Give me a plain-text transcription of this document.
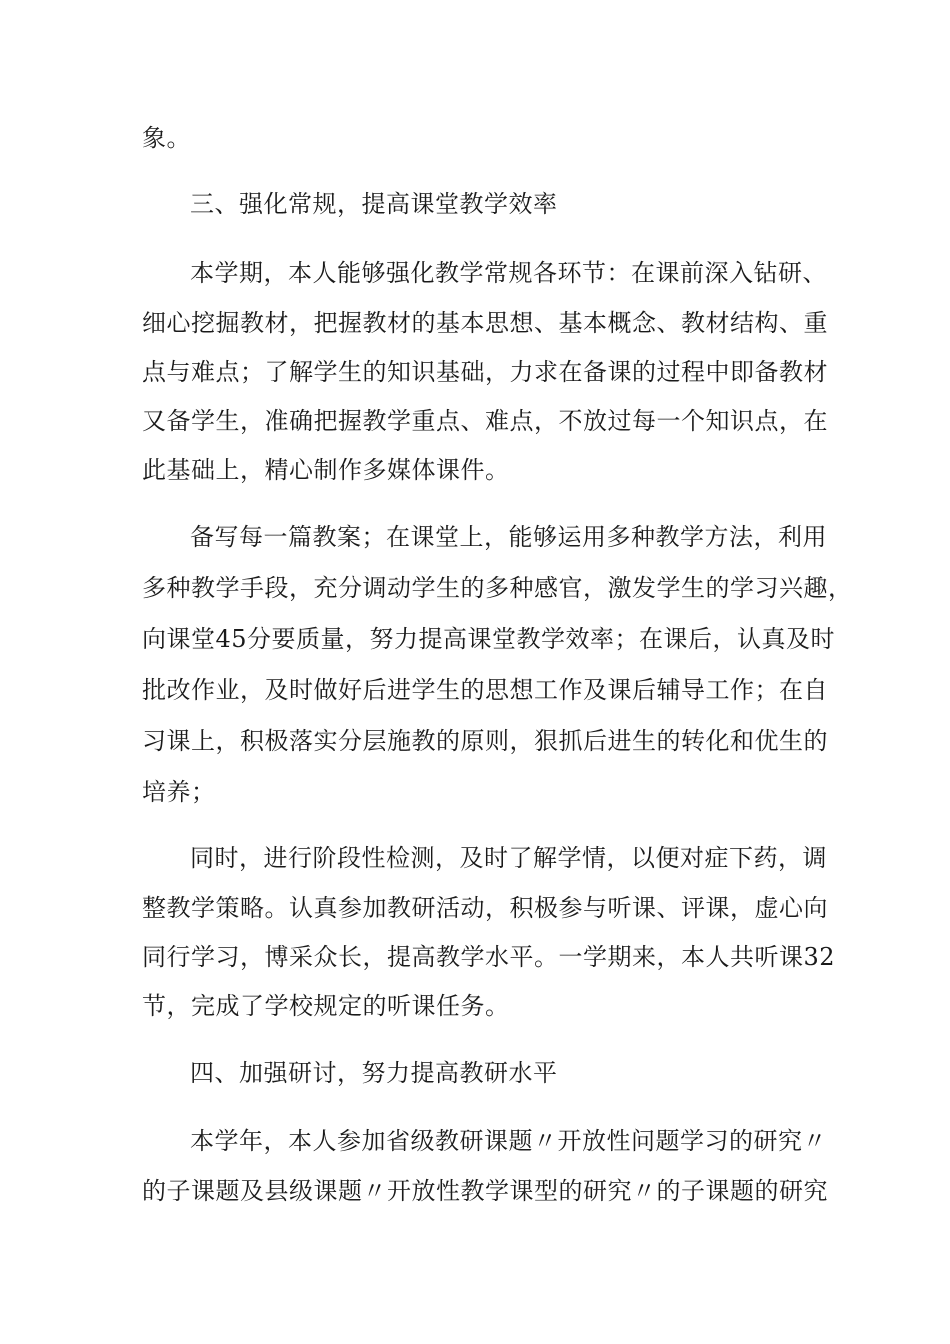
象。
三、强化常规，提高课堂教学效率
本学期，本人能够强化教学常规各环节：在课前深入钻研、
细心挖掘教材，把握教材的基本思想、基本概念、教材结构、重
点与难点；了解学生的知识基础，力求在备课的过程中即备教材
又备学生，准确把握教学重点、难点，不放过每一个知识点，在
此基础上，精心制作多媒体课件。
备写每一篇教案；在课堂上，能够运用多种教学方法，利用
多种教学手段，充分调动学生的多种感官，激发学生的学习兴趣，
向课堂45分要质量，努力提高课堂教学效率；在课后，认真及时
批改作业，及时做好后进学生的思想工作及课后辅导工作；在自
习课上，积极落实分层施教的原则，狠抓后进生的转化和优生的
培养；
同时，进行阶段性检测，及时了解学情，以便对症下药，调
整教学策略。认真参加教研活动，积极参与听课、评课，虚心向
同行学习，博采众长，提高教学水平。一学期来，本人共听课32
节，完成了学校规定的听课任务。
四、加强研讨，努力提高教研水平
本学年，本人参加省级教研课题〃开放性问题学习的研究〃
的子课题及县级课题〃开放性教学课型的研究〃的子课题的研究
